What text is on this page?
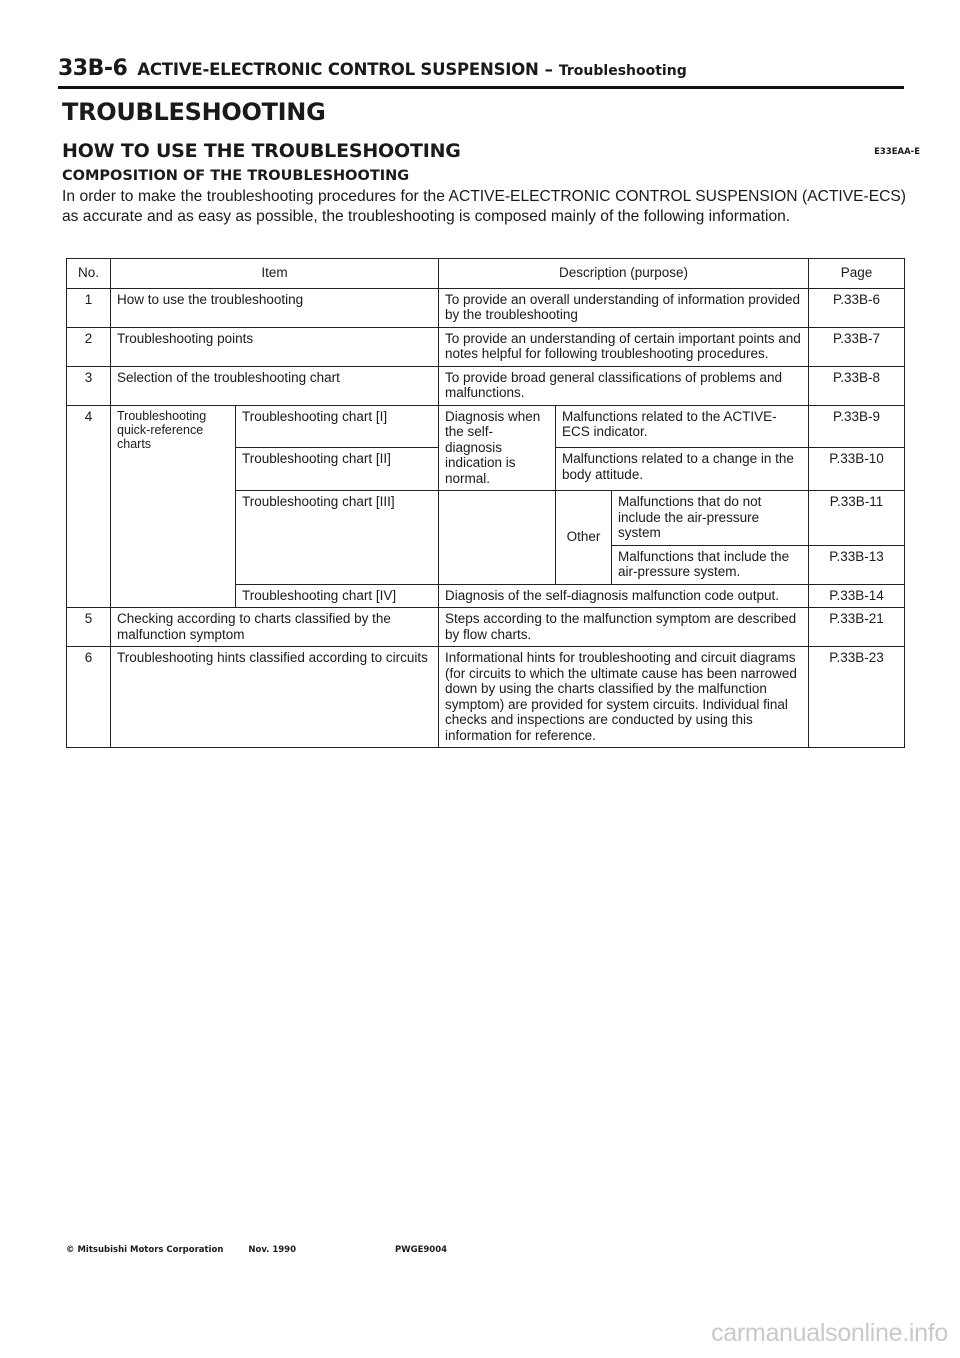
33B-6 ACTIVE-ELECTRONIC CONTROL SUSPENSION – Troubleshooting
TROUBLESHOOTING
HOW TO USE THE TROUBLESHOOTING	E33EAA-E
COMPOSITION OF THE TROUBLESHOOTING

In order to make the troubleshooting procedures for the ACTIVE-ELECTRONIC CONTROL SUSPENSION (ACTIVE-ECS) as accurate and as easy as possible, the troubleshooting is composed mainly of the following information.

No.	Item		Description (purpose)			Page
1	How to use the troubleshooting		To provide an overall understanding of information provided by the troubleshooting			P.33B-6
2	Troubleshooting points		To provide an understanding of certain important points and notes helpful for following troubleshooting procedures.			P.33B-7
3	Selection of the troubleshooting chart		To provide broad general classifications of problems and malfunctions.			P.33B-8
4	Troubleshooting quick-reference charts	Troubleshooting chart [I]	Diagnosis when the self-diagnosis indication is normal.	Malfunctions related to the ACTIVE-ECS indicator.		P.33B-9
		Troubleshooting chart [II]		Malfunctions related to a change in the body attitude.		P.33B-10
		Troubleshooting chart [III]		Other	Malfunctions that do not include the air-pressure system	P.33B-11
					Malfunctions that include the air-pressure system.	P.33B-13
		Troubleshooting chart [IV]	Diagnosis of the self-diagnosis malfunction code output.			P.33B-14
5	Checking according to charts classified by the malfunction symptom		Steps according to the malfunction symptom are described by flow charts.			P.33B-21
6	Troubleshooting hints classified according to circuits		Informational hints for troubleshooting and circuit diagrams (for circuits to which the ultimate cause has been narrowed down by using the charts classified by the malfunction symptom) are provided for system circuits. Individual final checks and inspections are conducted by using this information for reference.			P.33B-23
© Mitsubishi Motors Corporation	Nov. 1990	PWGE9004
carmanualsonline.info
